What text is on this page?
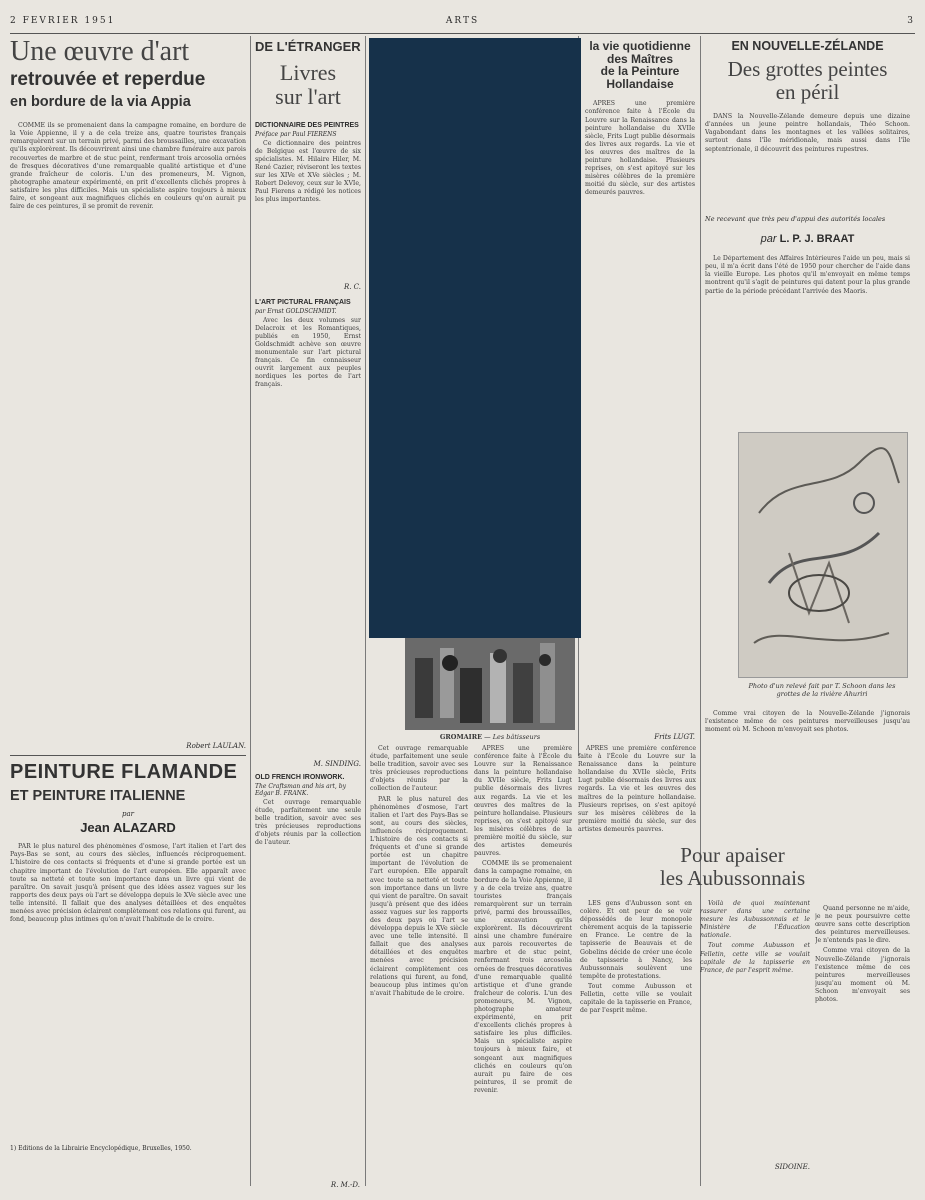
2 FEVRIER 1951	ARTS	3
Une œuvre d'art
retrouvée et reperdue
en bordure de la via Appia

COMME ils se promenaient dans la campagne romaine, en bordure de la Voie Appienne, il y a de cela treize ans, quatre touristes français remarquèrent sur un terrain privé, parmi des broussailles, une excavation qu'ils explorèrent. Ils découvrirent ainsi une chambre funéraire aux parois recouvertes de marbre et de stuc peint, renfermant trois arcosolia ornées de fresques décoratives d'une remarquable qualité artistique et d'une grande fraîcheur de coloris. L'un des promeneurs, M. Vignon, photographe amateur expérimenté, en prit d'excellents clichés propres à satisfaire les plus difficiles. Mais un spécialiste aspire toujours à mieux faire, et songeant aux magnifiques clichés en couleurs qu'on aurait pu faire de ces peintures, il se promit de revenir.

Robert LAULAN.
PEINTURE FLAMANDE
ET PEINTURE ITALIENNE
par
Jean ALAZARD

PAR le plus naturel des phénomènes d'osmose, l'art italien et l'art des Pays-Bas se sont, au cours des siècles, influencés réciproquement. L'histoire de ces contacts si fréquents et d'une si grande portée est un chapitre important de l'évolution de l'art européen. Elle apparaît avec toute sa netteté et toute son importance dans un livre qui vient de paraître. On savait jusqu'à présent que des idées assez vagues sur les rapports des deux pays où l'art se développa depuis le XVe siècle avec une telle intensité. Il fallait que des analyses détaillées et des enquêtes menées avec précision éclairent complètement ces relations qui furent, au fond, beaucoup plus intimes qu'on n'avait l'habitude de le croire.

1) Editions de la Librairie Encyclopédique, Bruxelles, 1950.
R. M.-D.
DE L'ÉTRANGER
Livres
sur l'art
DICTIONNAIRE DES PEINTRES
Préface par Paul FIERENS

Ce dictionnaire des peintres de Belgique est l'œuvre de six spécialistes. M. Hilaire Hiler, M. René Cazier, réviseront les textes sur les XIVe et XVe siècles ; M. Robert Delevoy, ceux sur le XVIe, Paul Fierens a rédigé les notices les plus importantes.

R. C.
L'ART PICTURAL FRANÇAIS
par Ernst GOLDSCHMIDT.

Avec les deux volumes sur Delacroix et les Romantiques, publiés en 1950, Ernst Goldschmidt achève son œuvre monumentale sur l'art pictural français. Ce fin connaisseur ouvrit largement aux peuples nordiques les portes de l'art français.

M. SINDING.
OLD FRENCH IRONWORK.
The Craftsman and his art, by Edgar B. FRANK.

Cet ouvrage remarquable étude, parfaitement une seule belle tradition, savoir avec ses très précieuses reproductions d'objets réunis par la collection de l'auteur.

la vie quotidienne
des Maîtres
de la Peinture
Hollandaise

APRÈS une première conférence faite à l'École du Louvre sur la Renaissance dans la peinture hollandaise du XVIIe siècle, Frits Lugt publie désormais des livres aux regards. La vie et les œuvres des maîtres de la peinture hollandaise. Plusieurs reprises, on s'est apitoyé sur les misères célèbres de la première moitié du siècle, sur des artistes demeurés pauvres.

Frits LUGT.
GROMAIRE — Les bâtisseurs

Cet ouvrage remarquable étude, parfaitement une seule belle tradition, savoir avec ses très précieuses reproductions d'objets réunis par la collection de l'auteur.

PAR le plus naturel des phénomènes d'osmose, l'art italien et l'art des Pays-Bas se sont, au cours des siècles, influencés réciproquement. L'histoire de ces contacts si fréquents et d'une si grande portée est un chapitre important de l'évolution de l'art européen. Elle apparaît avec toute sa netteté et toute son importance dans un livre qui vient de paraître. On savait jusqu'à présent que des idées assez vagues sur les rapports des deux pays où l'art se développa depuis le XVe siècle avec une telle intensité. Il fallait que des analyses détaillées et des enquêtes menées avec précision éclairent complètement ces relations qui furent, au fond, beaucoup plus intimes qu'on n'avait l'habitude de le croire.

APRÈS une première conférence faite à l'École du Louvre sur la Renaissance dans la peinture hollandaise du XVIIe siècle, Frits Lugt publie désormais des livres aux regards. La vie et les œuvres des maîtres de la peinture hollandaise. Plusieurs reprises, on s'est apitoyé sur les misères célèbres de la première moitié du siècle, sur des artistes demeurés pauvres.

COMME ils se promenaient dans la campagne romaine, en bordure de la Voie Appienne, il y a de cela treize ans, quatre touristes français remarquèrent sur un terrain privé, parmi des broussailles, une excavation qu'ils explorèrent. Ils découvrirent ainsi une chambre funéraire aux parois recouvertes de marbre et de stuc peint, renfermant trois arcosolia ornées de fresques décoratives d'une remarquable qualité artistique et d'une grande fraîcheur de coloris. L'un des promeneurs, M. Vignon, photographe amateur expérimenté, en prit d'excellents clichés propres à satisfaire les plus difficiles. Mais un spécialiste aspire toujours à mieux faire, et songeant aux magnifiques clichés en couleurs qu'on aurait pu faire de ces peintures, il se promit de revenir.

APRÈS une première conférence faite à l'École du Louvre sur la Renaissance dans la peinture hollandaise du XVIIe siècle, Frits Lugt publie désormais des livres aux regards. La vie et les œuvres des maîtres de la peinture hollandaise. Plusieurs reprises, on s'est apitoyé sur les misères célèbres de la première moitié du siècle, sur des artistes demeurés pauvres.

Pour apaiser
les Aubussonnais

LES gens d'Aubusson sont en colère. Et ont peur de se voir dépossédés de leur monopole chèrement acquis de la tapisserie en France. Le centre de la tapisserie de Beauvais et de Gobelins décide de créer une école de tapisserie à Nancy, les Aubussonnais soulèvent une tempête de protestations.

Tout comme Aubusson et Felletin, cette ville se voulait capitale de la tapisserie en France, de par l'esprit même.

Voilà de quoi maintenant rassurer dans une certaine mesure les Aubussonnais et le Ministère de l'Éducation nationale.

Tout comme Aubusson et Felletin, cette ville se voulait capitale de la tapisserie en France, de par l'esprit même.

SIDOINE.
EN NOUVELLE-ZÉLANDE
Des grottes peintes
en péril

DANS la Nouvelle-Zélande demeure depuis une dizaine d'années un jeune peintre hollandais, Théo Schoon. Vagabondant dans les montagnes et les vallées solitaires, surtout dans l'île méridionale, mais aussi dans l'île septentrionale, il découvrit des peintures rupestres.

Ne recevant que très peu d'appui des autorités locales
par L. P. J. BRAAT

Le Département des Affaires Intérieures l'aide un peu, mais si peu, il m'a écrit dans l'été de 1950 pour chercher de l'aide dans la vieille Europe. Les photos qu'il m'envoyait en même temps montrent qu'il s'agit de peintures qui datent pour la plus grande partie de la période précédant l'arrivée des Maoris.

Photo d'un relevé fait par T. Schoon dans les grottes de la rivière Ahuriri

Comme vrai citoyen de la Nouvelle-Zélande j'ignorais l'existence même de ces peintures merveilleuses jusqu'au moment où M. Schoon m'envoyait ses photos.

Quand personne ne m'aide, je ne peux poursuivre cette œuvre sans cette description des peintures merveilleuses. Je n'entends pas le dire.

Comme vrai citoyen de la Nouvelle-Zélande j'ignorais l'existence même de ces peintures merveilleuses jusqu'au moment où M. Schoon m'envoyait ses photos.
